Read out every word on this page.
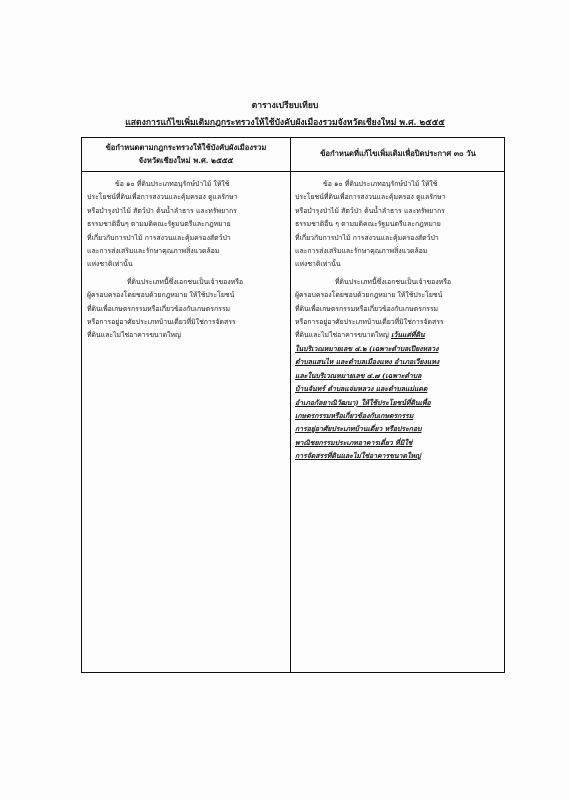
ตารางเปรียบเทียบ
แสดงการแก้ไขเพิ่มเติมกฎกระทรวงให้ใช้บังคับผังเมืองรวมจังหวัดเชียงใหม่ พ.ศ. ๒๕๕๕
ข้อกำหนดตามกฎกระทรวงให้ใช้บังคับผังเมืองรวม
จังหวัดเชียงใหม่ พ.ศ. ๒๕๕๕
ข้อกำหนดที่แก้ไขเพิ่มเติมเพื่อปิดประกาศ ๓๐ วัน
ข้อ ๑๐ ที่ดินประเภทอนุรักษ์ป่าไม้ ให้ใช้
ประโยชน์ที่ดินเพื่อการสงวนและคุ้มครอง ดูแลรักษา
หรือบำรุงป่าไม้ สัตว์ป่า ต้นน้ำลำธาร และทรัพยากร
ธรรมชาติอื่นๆ ตามมติคณะรัฐมนตรีและกฎหมาย
ที่เกี่ยวกับการป่าไม้ การสงวนและคุ้มครองสัตว์ป่า
และการส่งเสริมและรักษาคุณภาพสิ่งแวดล้อม
แห่งชาติเท่านั้น
ที่ดินประเภทนี้ซึ่งเอกชนเป็นเจ้าของหรือ
ผู้ครอบครองโดยชอบด้วยกฎหมาย ให้ใช้ประโยชน์
ที่ดินเพื่อเกษตรกรรมหรือเกี่ยวข้องกับเกษตรกรรม
หรือการอยู่อาศัยประเภทบ้านเดี่ยวที่มิใช่การจัดสรร
ที่ดินและไม่ใช่อาคารขนาดใหญ่
ข้อ ๑๐ ที่ดินประเภทอนุรักษ์ป่าไม้ ให้ใช้
ประโยชน์ที่ดินเพื่อการสงวนและคุ้มครอง ดูแลรักษา
หรือบำรุงป่าไม้ สัตว์ป่า ต้นน้ำลำธาร และทรัพยากร
ธรรมชาติอื่น ๆ ตามมติคณะรัฐมนตรีและกฎหมาย
ที่เกี่ยวกับการป่าไม้ การสงวนและคุ้มครองสัตว์ป่า
และการส่งเสริมและรักษาคุณภาพสิ่งแวดล้อม
แห่งชาติเท่านั้น
ที่ดินประเภทนี้ซึ่งเอกชนเป็นเจ้าของหรือ
ผู้ครอบครองโดยชอบด้วยกฎหมาย ให้ใช้ประโยชน์
ที่ดินเพื่อเกษตรกรรมหรือเกี่ยวข้องกับเกษตรกรรม
หรือการอยู่อาศัยประเภทบ้านเดี่ยวที่มิใช่การจัดสรร
ที่ดินและไม่ใช่อาคารขนาดใหญ่ เว้นแต่ที่ดิน
ในบริเวณหมายเลข ๔.๒ (เฉพาะตำบลเปียงหลวง
ตำบลแสนไห และตำบลเมืองแหง อำเภอเวียงแหง
และในบริเวณหมายเลข ๔.๗ (เฉพาะตำบล
บ้านจันทร์ ตำบลแจ่มหลวง และตำบลแม่แดด
อำเภอกัลยาณิวัฒนา) ให้ใช้ประโยชน์ที่ดินเพื่อ
เกษตรกรรมหรือเกี่ยวข้องกับเกษตรกรรม
การอยู่อาศัยประเภทบ้านเดี่ยว หรือประกอบ
พาณิชยกรรมประเภทอาคารเดี่ยว ที่มิใช่
การจัดสรรที่ดินและไม่ใช่อาคารขนาดใหญ่
